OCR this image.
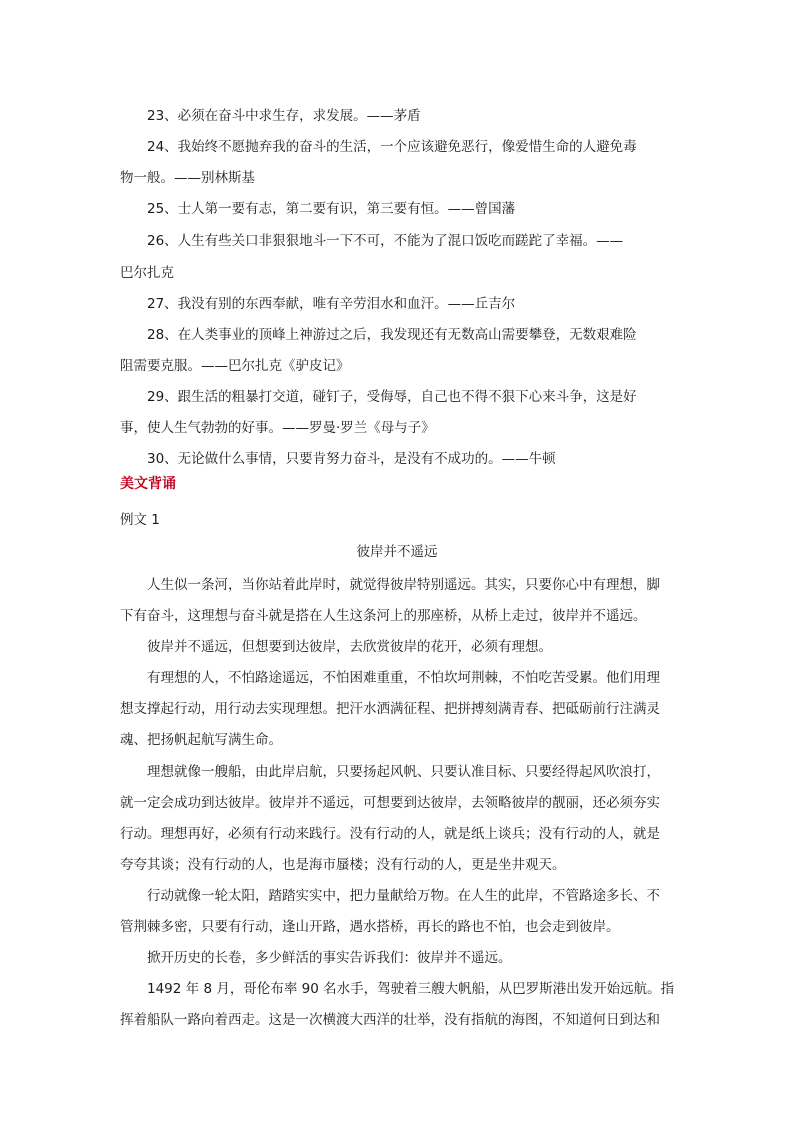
23、必须在奋斗中求生存，求发展。——茅盾

24、我始终不愿抛弃我的奋斗的生活，一个应该避免恶行，像爱惜生命的人避免毒

物一般。——别林斯基

25、士人第一要有志，第二要有识，第三要有恒。——曾国藩

26、人生有些关口非狠狠地斗一下不可，不能为了混口饭吃而蹉跎了幸福。——

巴尔扎克

27、我没有别的东西奉献，唯有辛劳泪水和血汗。——丘吉尔

28、在人类事业的顶峰上神游过之后，我发现还有无数高山需要攀登，无数艰难险

阻需要克服。——巴尔扎克《驴皮记》

29、跟生活的粗暴打交道，碰钉子，受侮辱，自己也不得不狠下心来斗争，这是好

事，使人生气勃勃的好事。——罗曼·罗兰《母与子》

30、无论做什么事情，只要肯努力奋斗，是没有不成功的。——牛顿

美文背诵

例文 1

彼岸并不遥远

人生似一条河，当你站着此岸时，就觉得彼岸特别遥远。其实，只要你心中有理想，脚

下有奋斗，这理想与奋斗就是搭在人生这条河上的那座桥，从桥上走过，彼岸并不遥远。

彼岸并不遥远，但想要到达彼岸，去欣赏彼岸的花开，必须有理想。

有理想的人，不怕路途遥远，不怕困难重重，不怕坎坷荆棘，不怕吃苦受累。他们用理

想支撑起行动，用行动去实现理想。把汗水洒满征程、把拼搏刻满青春、把砥砺前行注满灵

魂、把扬帆起航写满生命。

理想就像一艘船，由此岸启航，只要扬起风帆、只要认准目标、只要经得起风吹浪打，

就一定会成功到达彼岸。彼岸并不遥远，可想要到达彼岸，去领略彼岸的靓丽，还必须夯实

行动。理想再好，必须有行动来践行。没有行动的人，就是纸上谈兵；没有行动的人，就是

夸夸其谈；没有行动的人，也是海市蜃楼；没有行动的人，更是坐井观天。

行动就像一轮太阳，踏踏实实中，把力量献给万物。在人生的此岸，不管路途多长、不

管荆棘多密，只要有行动，逢山开路，遇水搭桥，再长的路也不怕，也会走到彼岸。

掀开历史的长卷，多少鲜活的事实告诉我们：彼岸并不遥远。

1492 年 8 月，哥伦布率 90 名水手，驾驶着三艘大帆船，从巴罗斯港出发开始远航。指

挥着船队一路向着西走。这是一次横渡大西洋的壮举，没有指航的海图，不知道何日到达和
